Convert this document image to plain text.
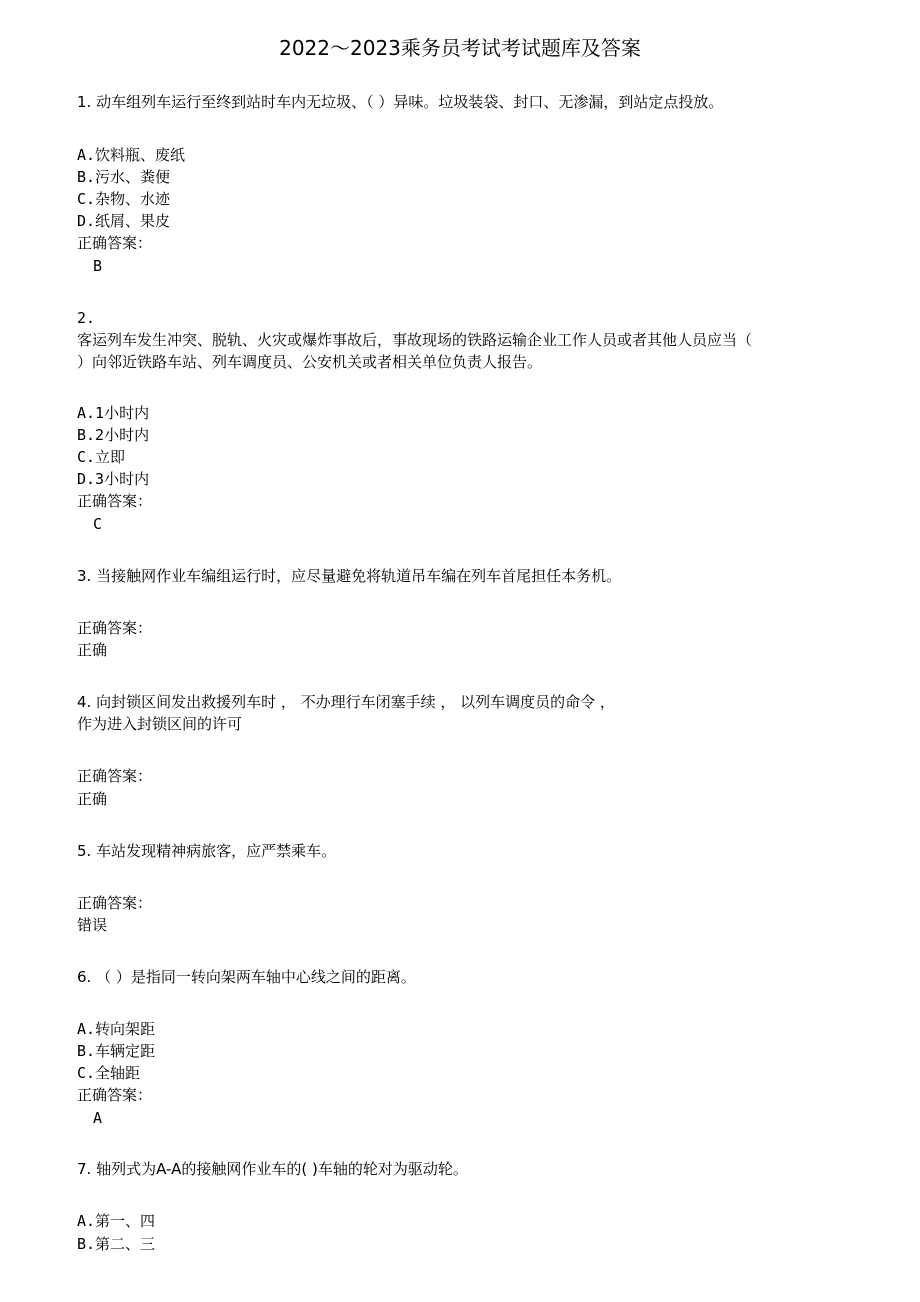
2022～2023乘务员考试考试题库及答案
1. 动车组列车运行至终到站时车内无垃圾、（ ）异味。垃圾装袋、封口、无渗漏，到站定点投放。
A.饮料瓶、废纸
B.污水、粪便
C.杂物、水迹
D.纸屑、果皮
正确答案：
B
2.
客运列车发生冲突、脱轨、火灾或爆炸事故后，事故现场的铁路运输企业工作人员或者其他人员应当（
）向邻近铁路车站、列车调度员、公安机关或者相关单位负责人报告。
A.1小时内
B.2小时内
C.立即
D.3小时内
正确答案：
C
3. 当接触网作业车编组运行时，应尽量避免将轨道吊车编在列车首尾担任本务机。
正确答案：
正确
4. 向封锁区间发出救援列车时 ， 不办理行车闭塞手续 ， 以列车调度员的命令 ，
作为进入封锁区间的许可
正确答案：
正确
5. 车站发现精神病旅客，应严禁乘车。
正确答案：
错误
6. （ ）是指同一转向架两车轴中心线之间的距离。
A.转向架距
B.车辆定距
C.全轴距
正确答案：
A
7. 轴列式为A-A的接触网作业车的( )车轴的轮对为驱动轮。
A.第一、四
B.第二、三
